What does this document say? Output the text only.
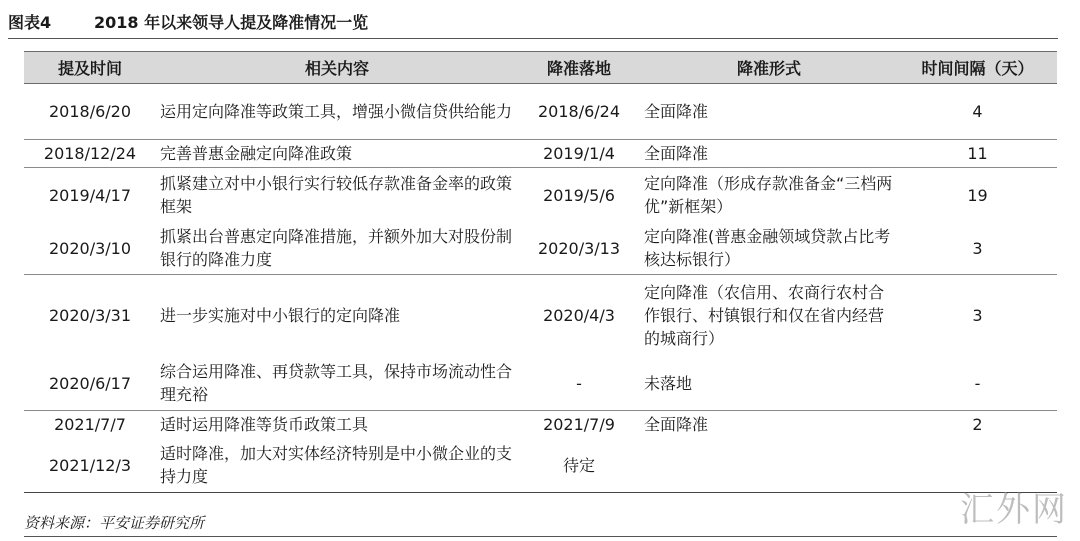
图表4	2018 年以来领导人提及降准情况一览
提及时间	相关内容	降准落地	降准形式	时间间隔（天）
2018/6/20	运用定向降准等政策工具，增强小微信贷供给能力	2018/6/24	全面降准	4
2018/12/24	完善普惠金融定向降准政策	2019/1/4	全面降准	11
2019/4/17	抓紧建立对中小银行实行较低存款准备金率的政策框架	2019/5/6	定向降准（形成存款准备金“三档两优”新框架）	19
2020/3/10	抓紧出台普惠定向降准措施，并额外加大对股份制银行的降准力度	2020/3/13	定向降准(普惠金融领域贷款占比考核达标银行）	3
2020/3/31	进一步实施对中小银行的定向降准	2020/4/3	定向降准（农信用、农商行农村合作银行、村镇银行和仅在省内经营的城商行）	3
2020/6/17	综合运用降准、再贷款等工具，保持市场流动性合理充裕	-	未落地	-
2021/7/7	适时运用降准等货币政策工具	2021/7/9	全面降准	2
2021/12/3	适时降准，加大对实体经济特别是中小微企业的支持力度	待定		
资料来源：平安证券研究所	汇外网
